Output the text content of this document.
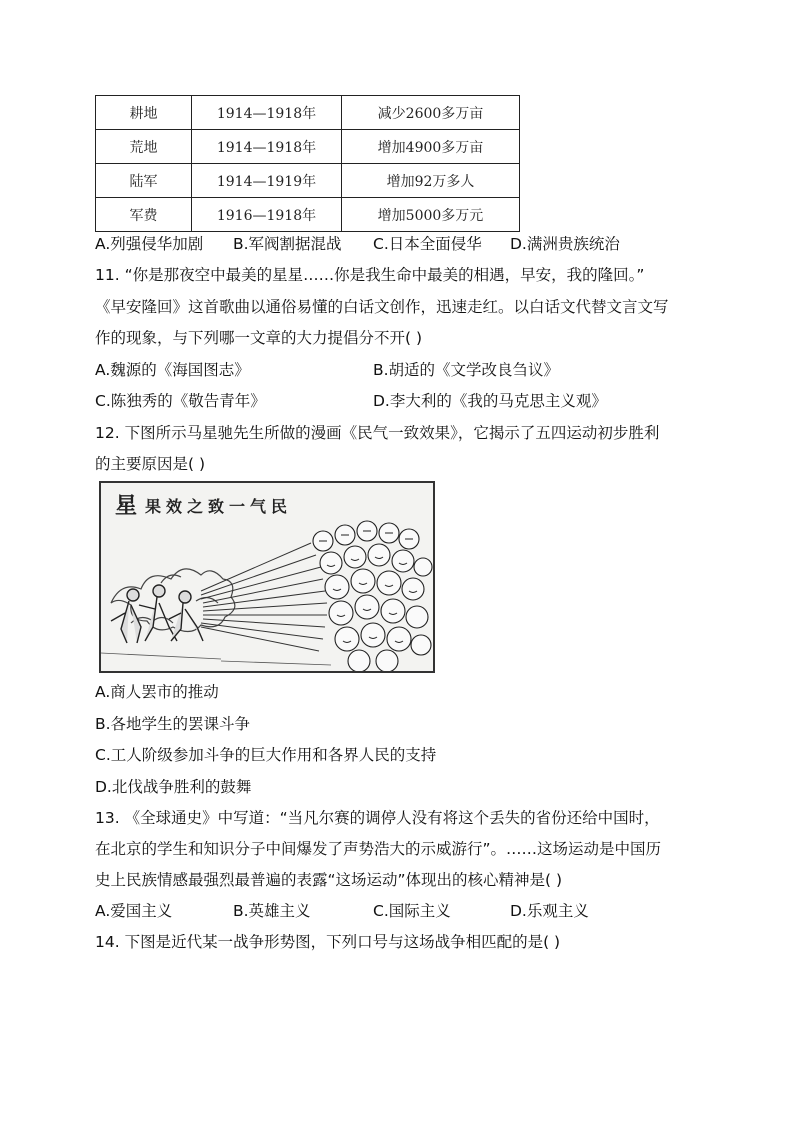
耕地	1914—1918年	减少2600多万亩
荒地	1914—1918年	增加4900多万亩
陆军	1914—1919年	增加92万多人
军费	1916—1918年	增加5000多万元
A.列强侵华加剧 B.军阀割据混战 C.日本全面侵华 D.满洲贵族统治
11. “你是那夜空中最美的星星……你是我生命中最美的相遇，早安，我的隆回。”
《早安隆回》这首歌曲以通俗易懂的白话文创作，迅速走红。以白话文代替文言文写
作的现象，与下列哪一文章的大力提倡分不开( )
A.魏源的《海国图志》	B.胡适的《文学改良刍议》
C.陈独秀的《敬告青年》	D.李大利的《我的马克思主义观》
12. 下图所示马星驰先生所做的漫画《民气一致效果》，它揭示了五四运动初步胜利
的主要原因是( )
星 果效之致一气民
A.商人罢市的推动
B.各地学生的罢课斗争
C.工人阶级参加斗争的巨大作用和各界人民的支持
D.北伐战争胜利的鼓舞
13. 《全球通史》中写道：“当凡尔赛的调停人没有将这个丢失的省份还给中国时，
在北京的学生和知识分子中间爆发了声势浩大的示威游行”。……这场运动是中国历
史上民族情感最强烈最普遍的表露“这场运动”体现出的核心精神是( )
A.爱国主义	B.英雄主义	C.国际主义	D.乐观主义
14. 下图是近代某一战争形势图，下列口号与这场战争相匹配的是( )
